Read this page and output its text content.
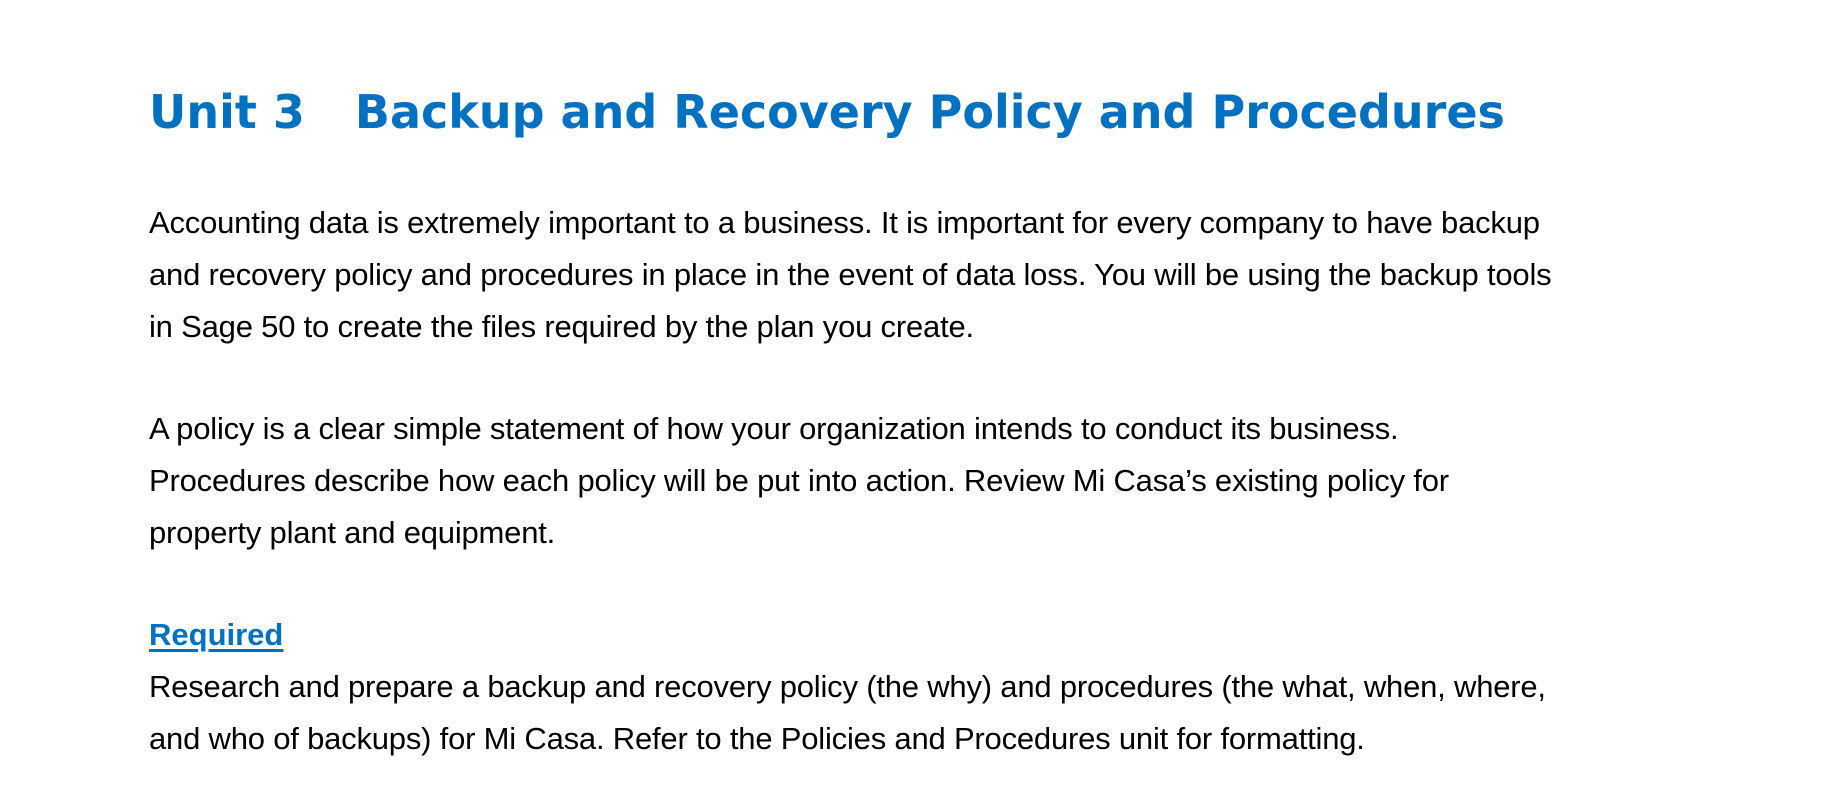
Unit 3 Backup and Recovery Policy and Procedures

Accounting data is extremely important to a business. It is important for every company to have backup
and recovery policy and procedures in place in the event of data loss. You will be using the backup tools
in Sage 50 to create the files required by the plan you create.

A policy is a clear simple statement of how your organization intends to conduct its business.
Procedures describe how each policy will be put into action. Review Mi Casa’s existing policy for
property plant and equipment.

Required

Research and prepare a backup and recovery policy (the why) and procedures (the what, when, where,
and who of backups) for Mi Casa. Refer to the Policies and Procedures unit for formatting.
